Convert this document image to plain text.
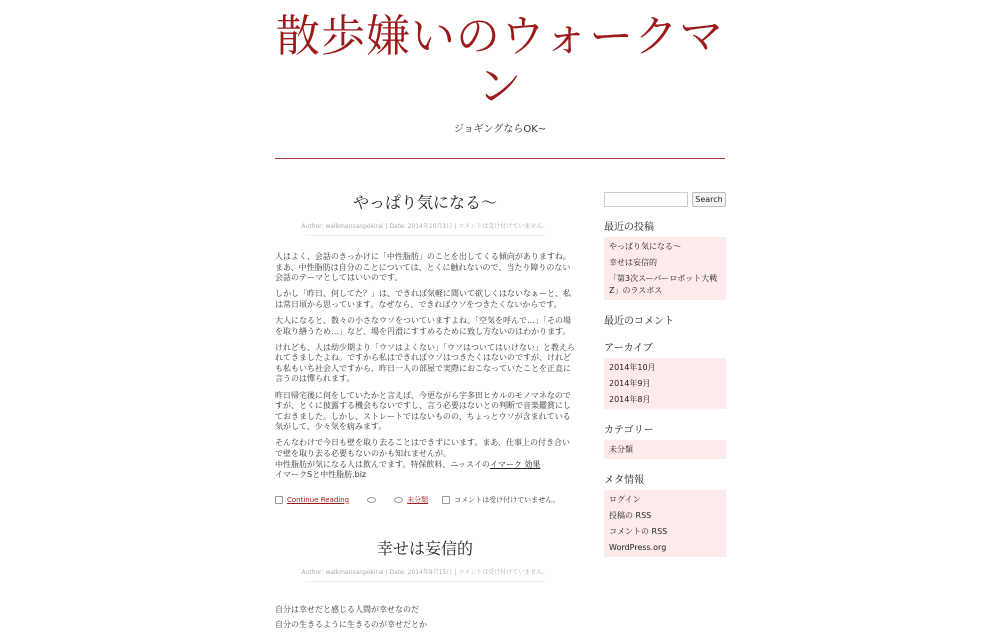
散歩嫌いのウォークマン
ジョギングならOK~
やっぱり気になる～
Author: walkmansanpokirai | Date: 2014年10月1日 | コメントは受け付けていません。

人はよく、会話のきっかけに「中性脂肪」のことを出してくる傾向がありますね。まあ、中性脂肪は自分のことについては、とくに触れないので、当たり障りのない会話のテーマとしてはいいのです。

しかし「昨日、何してた？」は、できれば気軽に聞いて欲しくはないなぁーと、私は常日頃から思っています。なぜなら、できればウソをつきたくないからです。

大人になると、数々の小さなウソをついていますよね。「空気を呼んで…」「その場を取り繕うため…」など、場を円滑にすすめるために致し方ないのはわかります。

けれども、人は幼少期より「ウソはよくない」「ウソはついてはいけない」と教えられてきましたよね。ですから私はできればウソはつきたくはないのですが、けれども私もいち社会人ですから、昨日一人の部屋で実際におこなっていたことを正直に言うのは憚られます。

昨日帰宅後に何をしていたかと言えば、今更ながら宇多田ヒカルのモノマネなのですが、とくに披露する機会もないですし、言う必要はないとの判断で音楽鑑賞にしておきました。しかし、ストレートではないものの、ちょっとウソが含まれている気がして、少々気を病みます。

そんなわけで今日も壁を取り去ることはできずにいます。まあ、仕事上の付き合いで壁を取り去る必要もないのかも知れませんが。

中性脂肪が気になる人は飲んでます。特保飲料、ニッスイのイマーク 効果

イマークSと中性脂肪.biz

Continue Reading	未分類	コメントは受け付けていません。
幸せは妄信的
Author: walkmansanpokirai | Date: 2014年9月15日 | コメントは受け付けていません。
自分は幸せだと感じる人間が幸せなのだ
自分の生きるように生きるのが幸せだとか
Search
最近の投稿
やっぱり気になる～
幸せは妄信的
「第3次スーパーロボット大戦Z」のラスボス
最近のコメント
アーカイブ
2014年10月
2014年9月
2014年8月
カテゴリー
未分類
メタ情報
ログイン
投稿の RSS
コメントの RSS
WordPress.org
